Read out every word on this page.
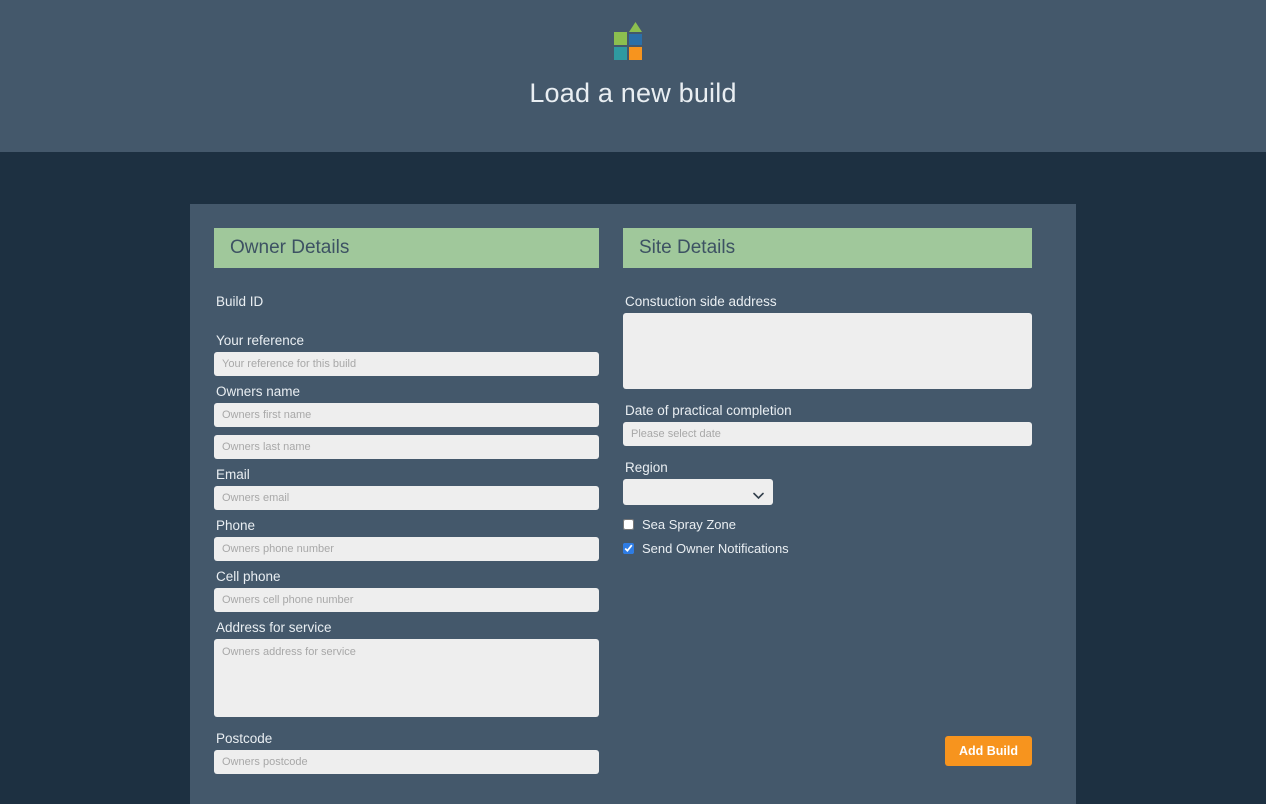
Load a new build
Owner Details
Build ID
Your reference
Your reference for this build
Owners name
Owners first name
Owners last name
Email
Owners email
Phone
Owners phone number
Cell phone
Owners cell phone number
Address for service
Owners address for service
Postcode
Owners postcode
Site Details
Constuction side address
Date of practical completion
Please select date
Region
Sea Spray Zone
Send Owner Notifications
Add Build
